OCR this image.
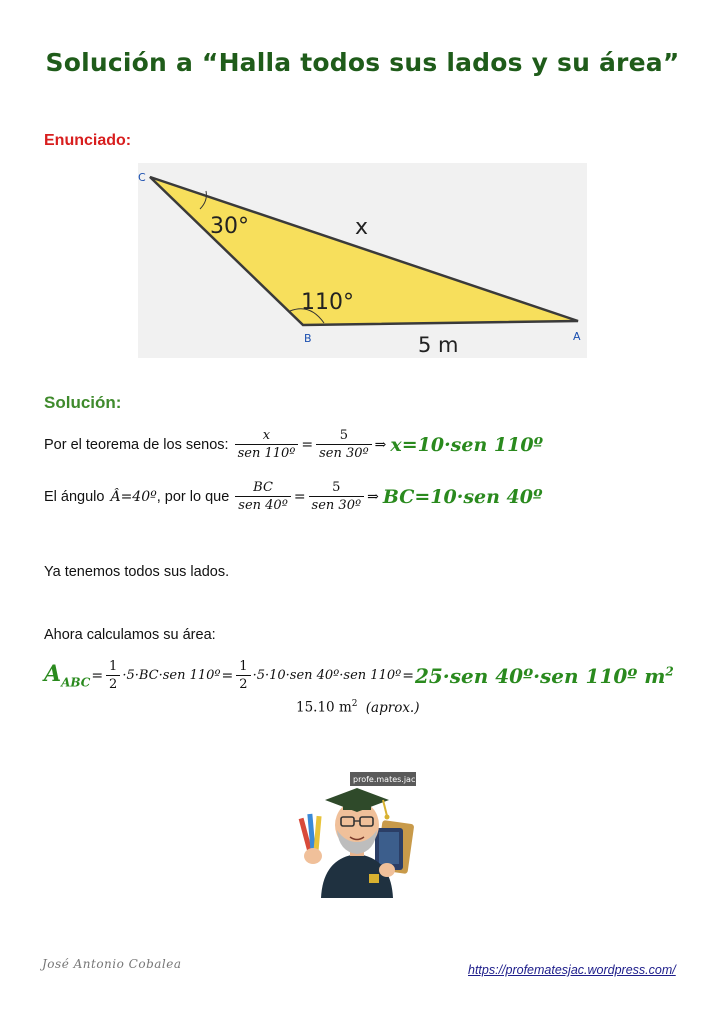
Solución a “Halla todos sus lados y su área”
Enunciado:
C
B	A
30°
110°
x
5 m
Solución:
Por el teorema de los senos: $\frac{x}{\text{sen 110º}} = \frac{5}{\text{sen 30º}}$ ⇒ x=10·sen 110º
El ángulo Â=40º , por lo que $\frac{BC}{\text{sen 40º}} = \frac{5}{\text{sen 30º}}$ ⇒ BC=10·sen 40º
Ya tenemos todos sus lados.
Ahora calculamos su área:
$A_{ABC} = \frac{1}{2} \cdot 5\cdot BC\cdot sen$ 110º = $\frac{1}{2} \cdot 5\cdot 10\cdot sen$ 40º·sen 110º = 25·sen 40º·sen 110º $m^2$
15.10 $m^2$ (aprox.)
profe.mates.jac
José Antonio Cobalea	https://profematesjac.wordpress.com/
